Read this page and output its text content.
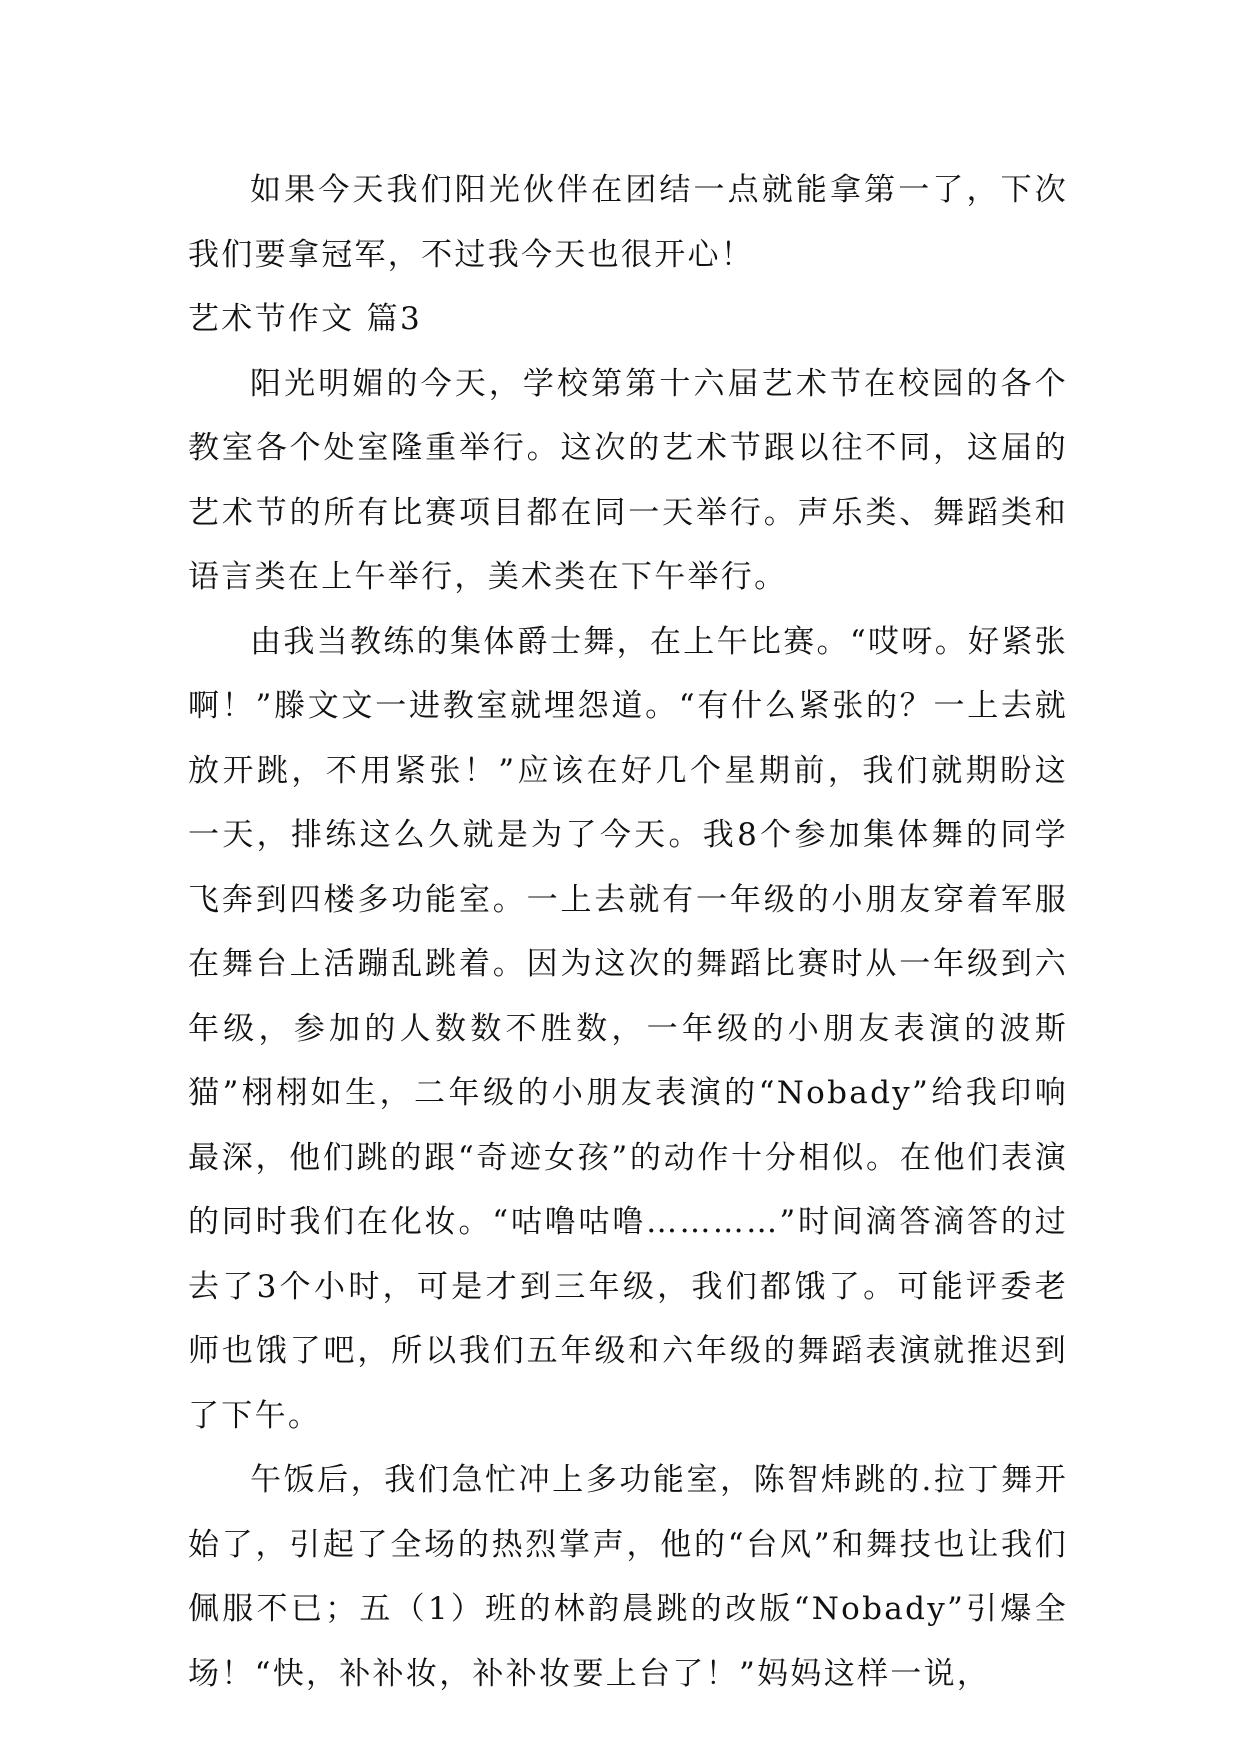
如果今天我们阳光伙伴在团结一点就能拿第一了，下次我们要拿冠军，不过我今天也很开心！

艺术节作文 篇3

阳光明媚的今天，学校第第十六届艺术节在校园的各个教室各个处室隆重举行。这次的艺术节跟以往不同，这届的艺术节的所有比赛项目都在同一天举行。声乐类、舞蹈类和语言类在上午举行，美术类在下午举行。

由我当教练的集体爵士舞，在上午比赛。“哎呀。好紧张啊！”滕文文一进教室就埋怨道。“有什么紧张的？一上去就放开跳，不用紧张！”应该在好几个星期前，我们就期盼这一天，排练这么久就是为了今天。我8个参加集体舞的同学飞奔到四楼多功能室。一上去就有一年级的小朋友穿着军服在舞台上活蹦乱跳着。因为这次的舞蹈比赛时从一年级到六年级，参加的人数数不胜数，一年级的小朋友表演的波斯猫”栩栩如生，二年级的小朋友表演的“Nobady”给我印响最深，他们跳的跟“奇迹女孩”的动作十分相似。在他们表演的同时我们在化妆。“咕噜咕噜…………”时间滴答滴答的过去了3个小时，可是才到三年级，我们都饿了。可能评委老师也饿了吧，所以我们五年级和六年级的舞蹈表演就推迟到了下午。

午饭后，我们急忙冲上多功能室，陈智炜跳的.拉丁舞开始了，引起了全场的热烈掌声，他的“台风”和舞技也让我们佩服不已；五（1）班的林韵晨跳的改版“Nobady”引爆全场！“快，补补妆，补补妆要上台了！”妈妈这样一说，
